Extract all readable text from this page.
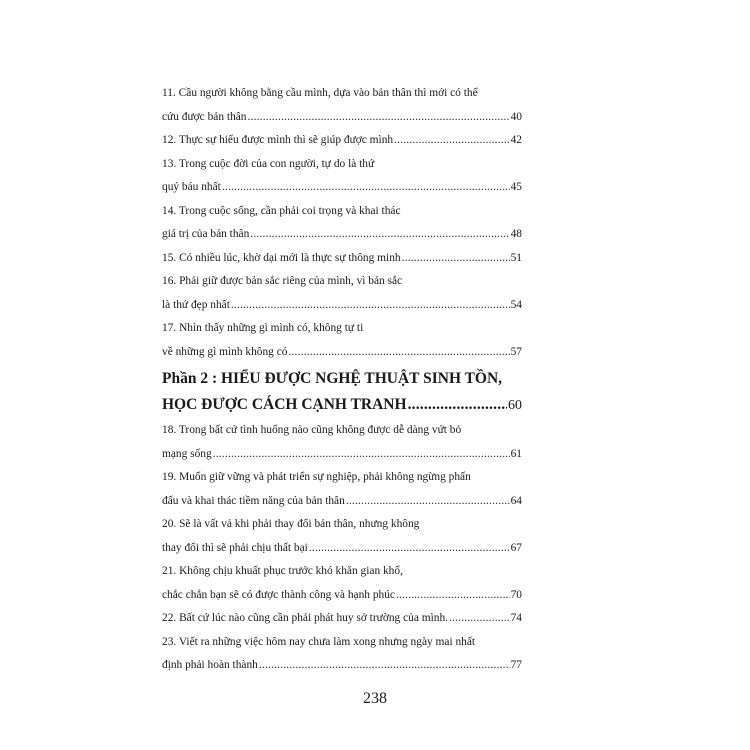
11. Cầu người không bằng cầu mình, dựa vào bản thân thì mới có thể
cứu được bản thân .....	40
12. Thực sự hiểu được mình thì sẽ giúp được mình .....	42
13. Trong cuộc đời của con người, tự do là thứ
quý báu nhất .....	45
14. Trong cuộc sống, cần phải coi trọng và khai thác
giá trị của bản thân .....	48
15. Có nhiều lúc, khờ dại mới là thực sự thông minh .....	51
16. Phải giữ được bản sắc riêng của mình, vì bản sắc
là thứ đẹp nhất .....	54
17. Nhìn thấy những gì mình có, không tự ti
về những gì mình không có .....	57
Phần 2 : HIỂU ĐƯỢC NGHỆ THUẬT SINH TỒN,
HỌC ĐƯỢC CÁCH CẠNH TRANH .....	60
18. Trong bất cứ tình huống nào cũng không được dễ dàng vứt bỏ
mạng sống .....	61
19. Muốn giữ vững và phát triển sự nghiệp, phải không ngừng phấn
đấu và khai thác tiềm năng của bản thân .....	64
20. Sẽ là vất vả khi phải thay đổi bản thân, nhưng không
thay đổi thì sẽ phải chịu thất bại .....	67
21. Không chịu khuất phục trước khó khăn gian khổ,
chắc chắn bạn sẽ có được thành công và hạnh phúc .....	70
22. Bất cứ lúc nào cũng cần phải phát huy sở trường của mình. .....	74
23. Viết ra những việc hôm nay chưa làm xong nhưng ngày mai nhất
định phải hoàn thành .....	77
238
